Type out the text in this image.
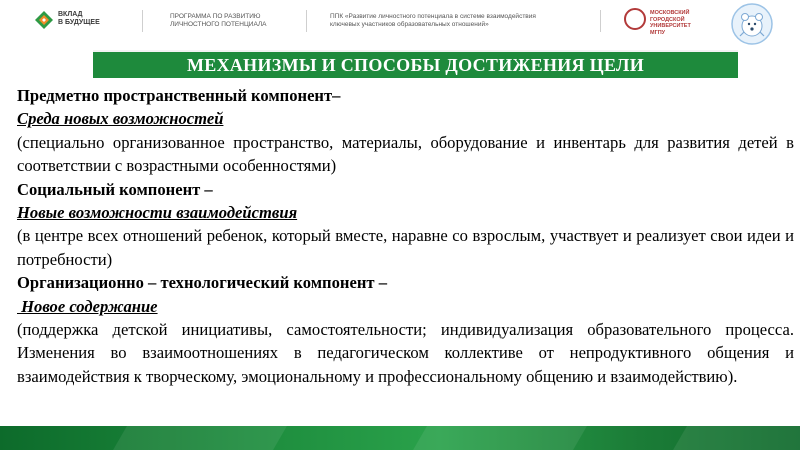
ВКЛАД
В БУДУЩЕЕ
ПРОГРАММА ПО РАЗВИТИЮ
ЛИЧНОСТНОГО ПОТЕНЦИАЛА
ППК «Развитие личностного потенциала в системе взаимодействия
ключевых участников образовательных отношений»
МОСКОВСКИЙ
ГОРОДСКОЙ
УНИВЕРСИТЕТ
МГПУ
МЕХАНИЗМЫ И СПОСОБЫ ДОСТИЖЕНИЯ ЦЕЛИ

Предметно пространственный компонент–

Среда новых возможностей

(специально организованное пространство, материалы, оборудование и инвентарь для развития детей в соответствии с возрастными особенностями)

Социальный компонент –

Новые возможности взаимодействия

(в центре всех отношений ребенок, который вместе, наравне со взрослым, участвует и реализует свои идеи и потребности)

Организационно – технологический компонент –

Новое содержание

(поддержка детской инициативы, самостоятельности; индивидуализация образовательного процесса. Изменения во взаимоотношениях в педагогическом коллективе от непродуктивного общения и взаимодействия к творческому, эмоциональному и профессиональному общению и взаимодействию).
